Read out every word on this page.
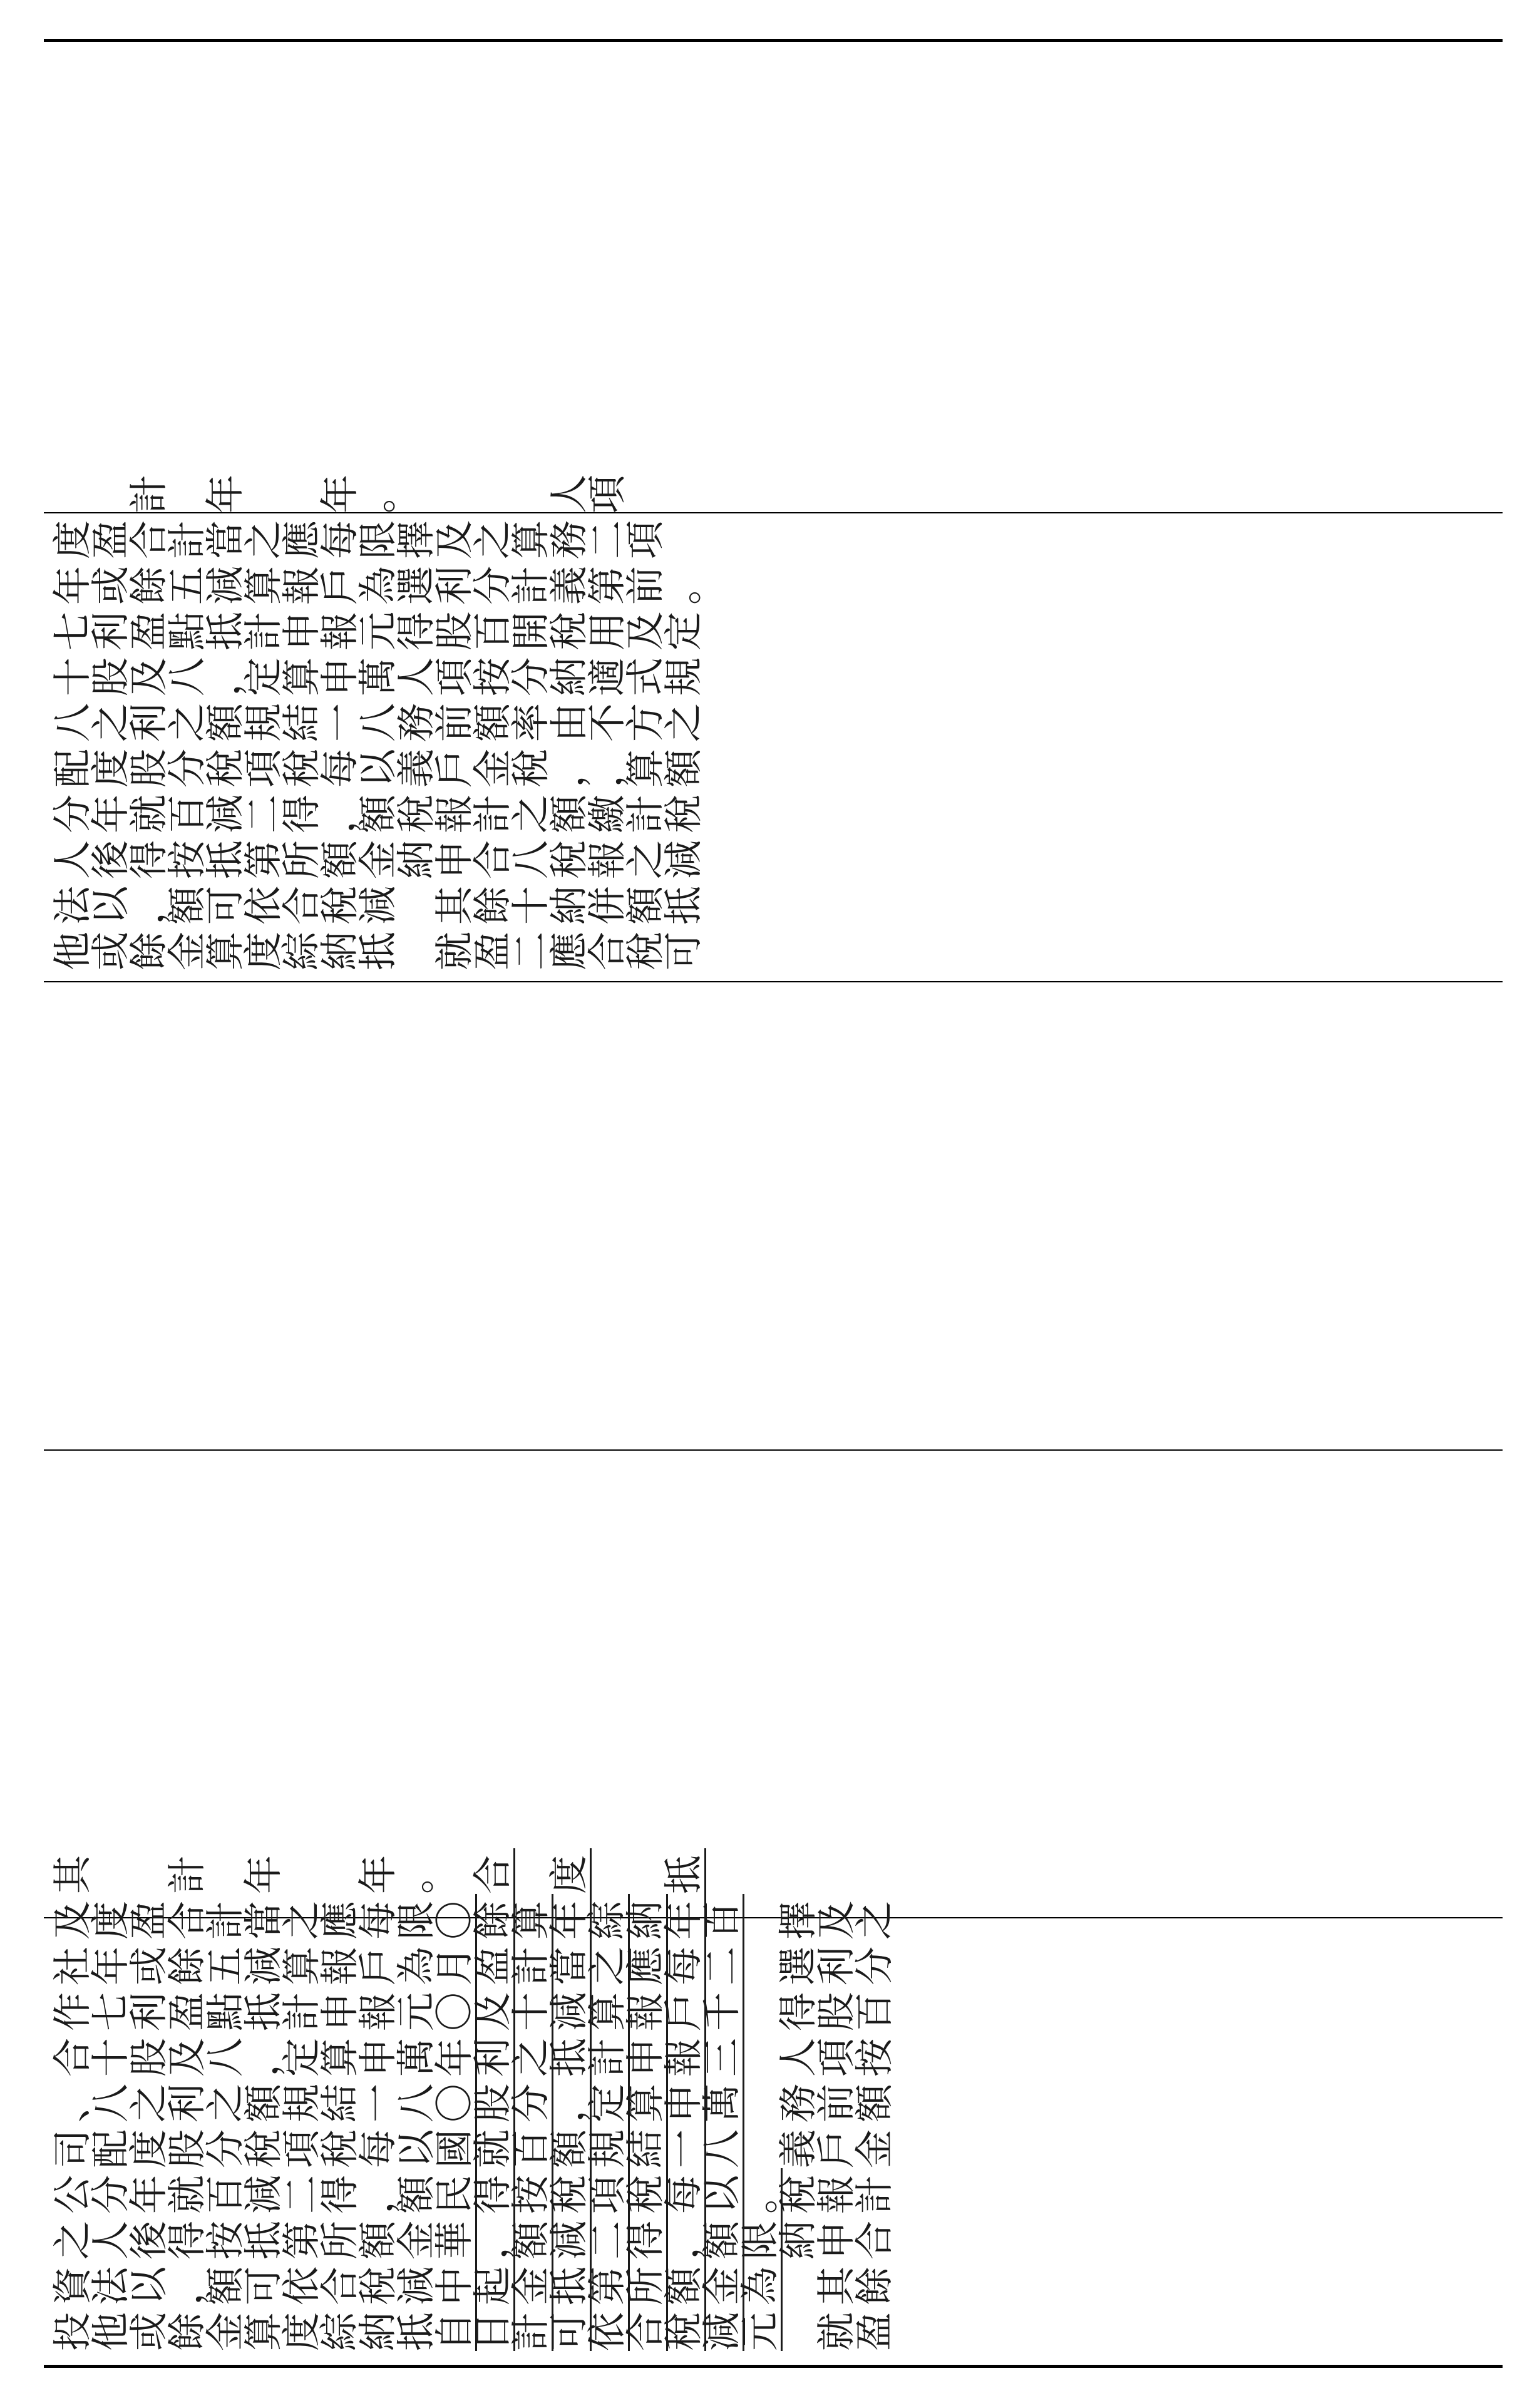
他法人分配八十七年度
或以後年度之股利或盈
餘，得就股利及盈餘合計
金額按百分之八點五計
算可抵減稅額，抵減當年
度依第二項規定計算之
綜合所得稅結算申報應
納稅額，每一申報戶每年
抵減金額以八萬元為限。
　　納稅義務人得選擇
就其申報戶前項股利及
盈餘合計金額按百分之
二十八之稅率分開計算
應納稅額，由納稅義務人
合併報繳，不適用第二項
稅額之計算方式及前項
可抵減稅額之規定。
投資之公司、合作社及其
他法人分配八十七年度
或以後年度之股利或盈
餘，得就股利及盈餘合計
金額按百分之八點五計
算可抵減稅額，抵減當年
度依第二項規定計算之
綜合所得稅結算申報應
納稅額，每一申報戶每年
抵減金額以八萬元為限。
自中華民國〇年〇月〇
日起，得就股利及盈餘合
計金額按百分之十計算
可抵減稅額，抵減當年度
依第二項規定計算之綜
合所得稅結算申報應納
稅額，每一申報戶每年抵
減金額以八萬三千二百
元為限。
　　納稅義務人得選擇
就其申報戶前項股利及
盈餘合計金額按百分之
